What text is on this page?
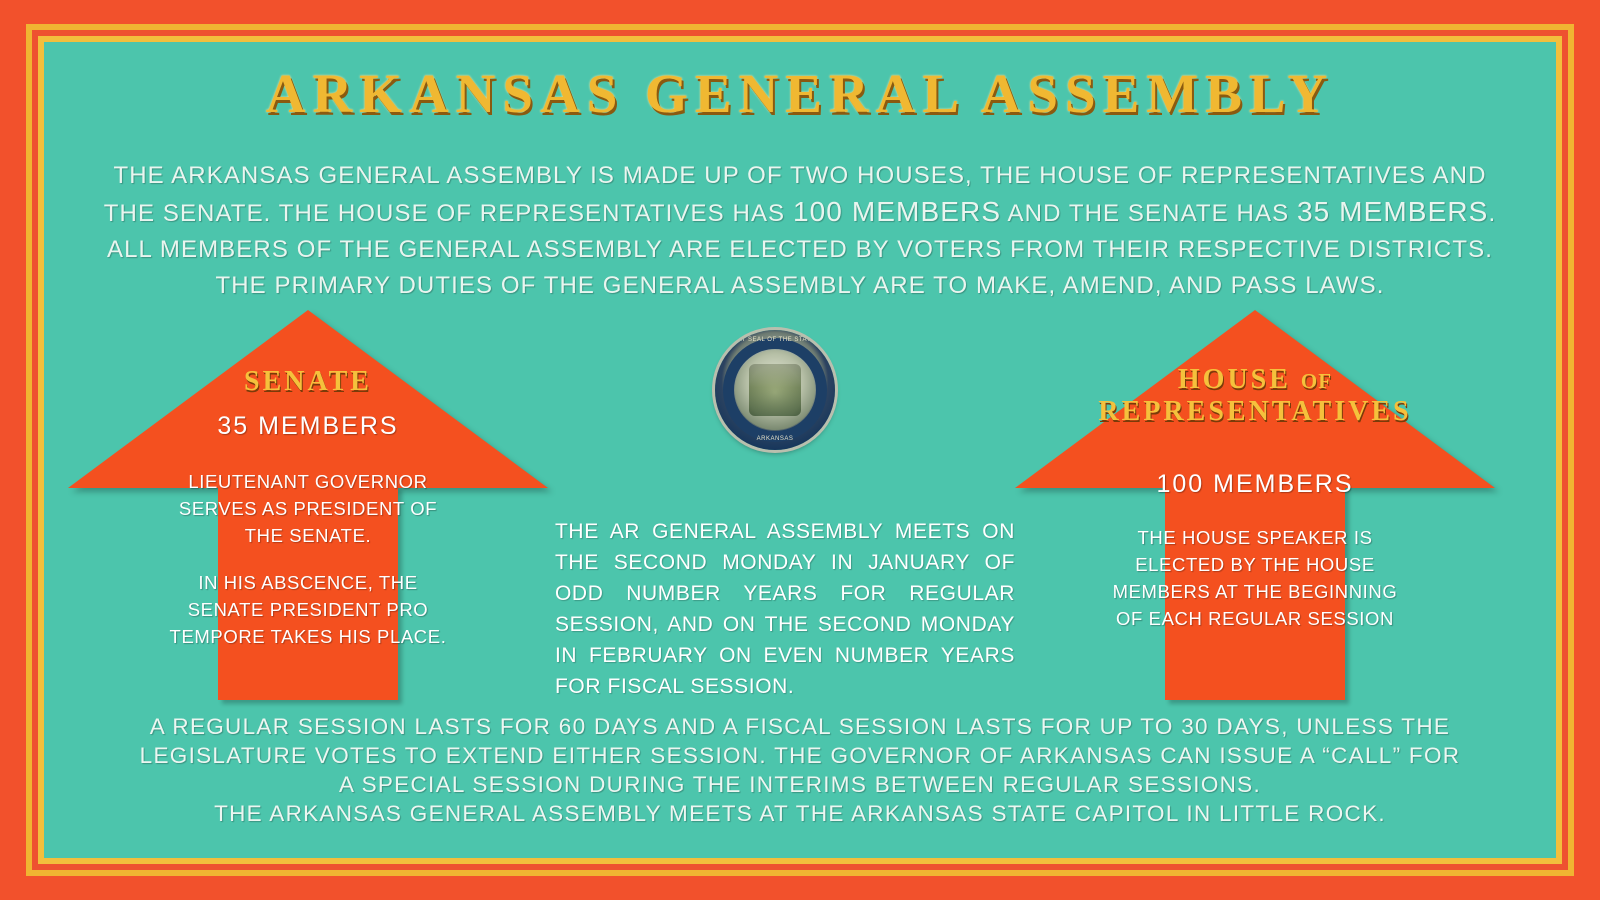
ARKANSAS GENERAL ASSEMBLY
THE ARKANSAS GENERAL ASSEMBLY IS MADE UP OF TWO HOUSES, THE HOUSE OF REPRESENTATIVES AND
THE SENATE. THE HOUSE OF REPRESENTATIVES HAS 100 MEMBERS AND THE SENATE HAS 35 MEMBERS.
ALL MEMBERS OF THE GENERAL ASSEMBLY ARE ELECTED BY VOTERS FROM THEIR RESPECTIVE DISTRICTS.
THE PRIMARY DUTIES OF THE GENERAL ASSEMBLY ARE TO MAKE, AMEND, AND PASS LAWS.
SENATE
35 MEMBERS

LIEUTENANT GOVERNOR SERVES AS PRESIDENT OF THE SENATE.

IN HIS ABSCENCE, THE SENATE PRESIDENT PRO TEMPORE TAKES HIS PLACE.

HOUSE OF
REPRESENTATIVES
100 MEMBERS

THE HOUSE SPEAKER IS ELECTED BY THE HOUSE MEMBERS AT THE BEGINNING OF EACH REGULAR SESSION

GREAT SEAL OF THE STATE OF
ARKANSAS
THE AR GENERAL ASSEMBLY MEETS ON THE SECOND MONDAY IN JANUARY OF ODD NUMBER YEARS FOR REGULAR SESSION, AND ON THE SECOND MONDAY IN FEBRUARY ON EVEN NUMBER YEARS FOR FISCAL SESSION.
A REGULAR SESSION LASTS FOR 60 DAYS AND A FISCAL SESSION LASTS FOR UP TO 30 DAYS, UNLESS THE
LEGISLATURE VOTES TO EXTEND EITHER SESSION. THE GOVERNOR OF ARKANSAS CAN ISSUE A “CALL” FOR
A SPECIAL SESSION DURING THE INTERIMS BETWEEN REGULAR SESSIONS.
THE ARKANSAS GENERAL ASSEMBLY MEETS AT THE ARKANSAS STATE CAPITOL IN LITTLE ROCK.
